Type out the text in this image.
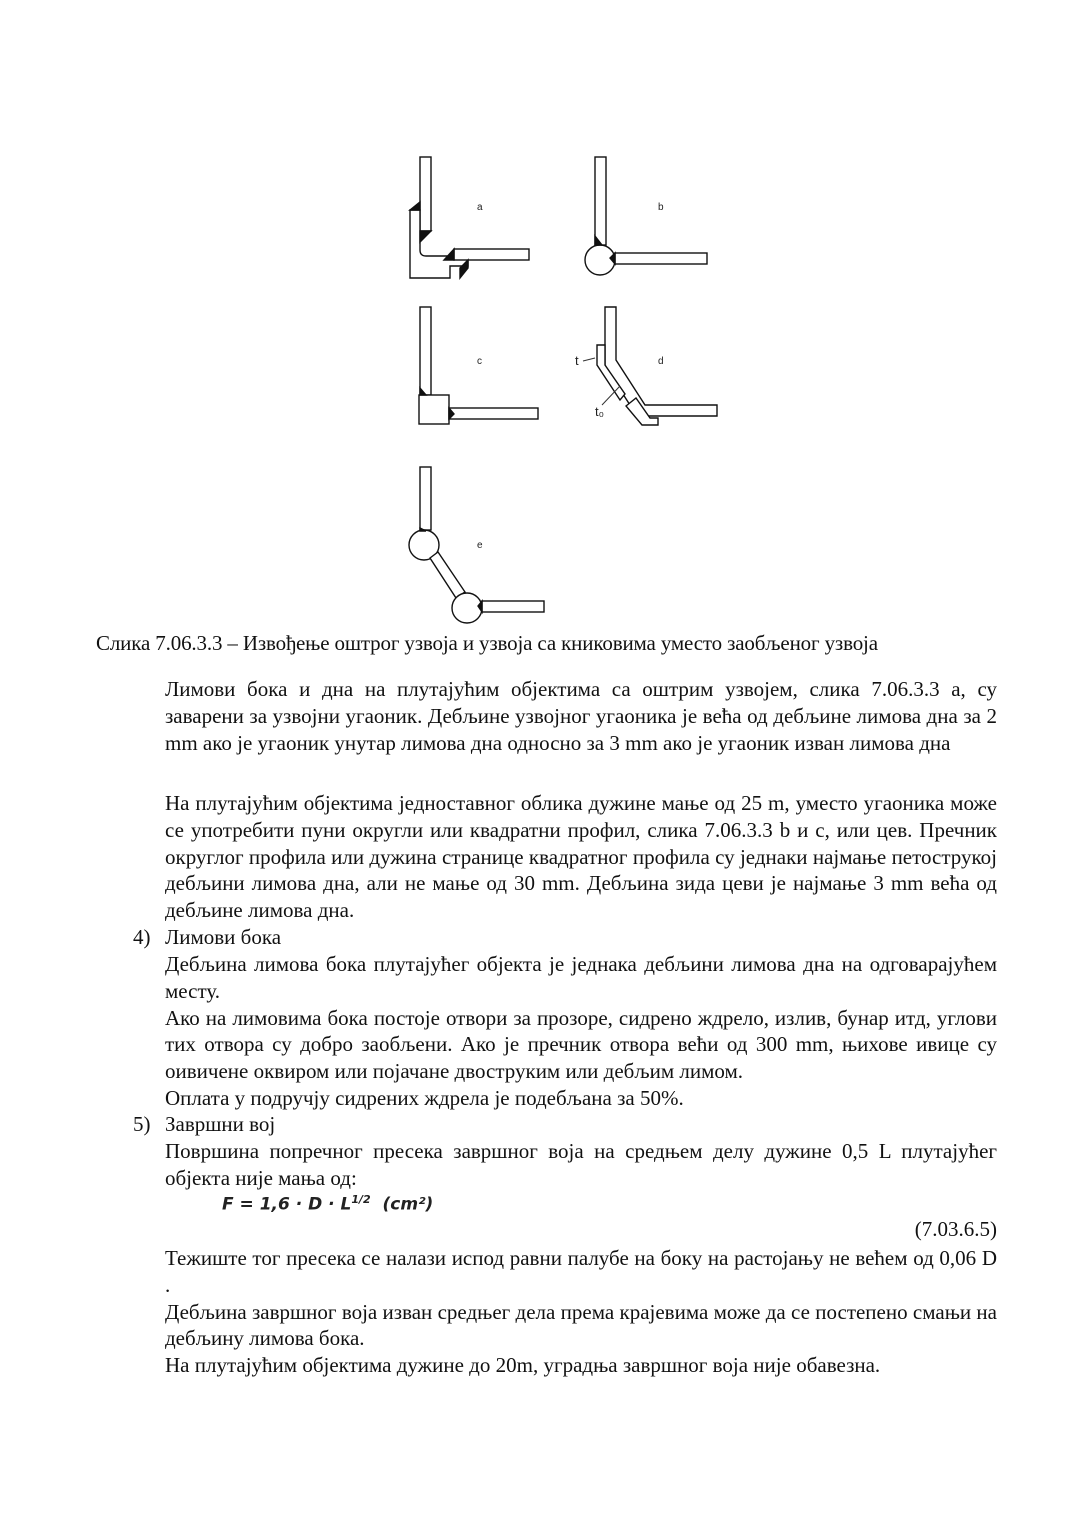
a	b
c	d
e
t
t₀
Слика 7.06.3.3 – Извођење оштрог узвоја и узвоја са книковима уместо заобљеног узвоја

Лимови бока и дна на плутајућим објектима са оштрим узвојем, слика 7.06.3.3 а, су заварени за узвојни угаоник. Дебљине узвојног угаоника је већа од дебљине лимова дна за 2 mm ако је угаоник унутар лимова дна односно за 3 mm ако је угаоник изван лимова дна

На плутајућим објектима једноставног облика дужине мање од 25 m, уместо угаоника може се употребити пуни округли или квадратни профил, слика 7.06.3.3 b и с, или цев. Пречник округлог профила или дужина странице квадратног профила су једнаки најмање петострукој дебљини лимова дна, али не мање од 30 mm. Дебљина зида цеви је најмање 3 mm већа од дебљине лимова дна.

4) Лимови бока

Дебљина лимова бока плутајућег објекта је једнака дебљини лимова дна на одговарајућем месту.

Ако на лимовима бока постоје отвори за прозоре, сидрено ждрело, излив, бунар итд, углови тих отвора су добро заобљени. Ако је пречник отвора већи од 300 mm, њихове ивице су оивичене оквиром или појачане двоструким или дебљим лимом.

Оплата у подручју сидрених ждрела је подебљана за 50%.

5) Завршни вој

Површина попречног пресека завршног воја на средњем делу дужине 0,5 L плутајућег објекта није мања од:

$F = 1,6 \cdot D \cdot L^{1/2}$ (cm²)
(7.03.6.5)

Тежиште тог пресека се налази испод равни палубе на боку на растојању не већем од 0,06 D .

Дебљина завршног воја изван средњег дела према крајевима може да се постепено смањи на дебљину лимова бока.

На плутајућим објектима дужине до 20m, уградња завршног воја није обавезна.
